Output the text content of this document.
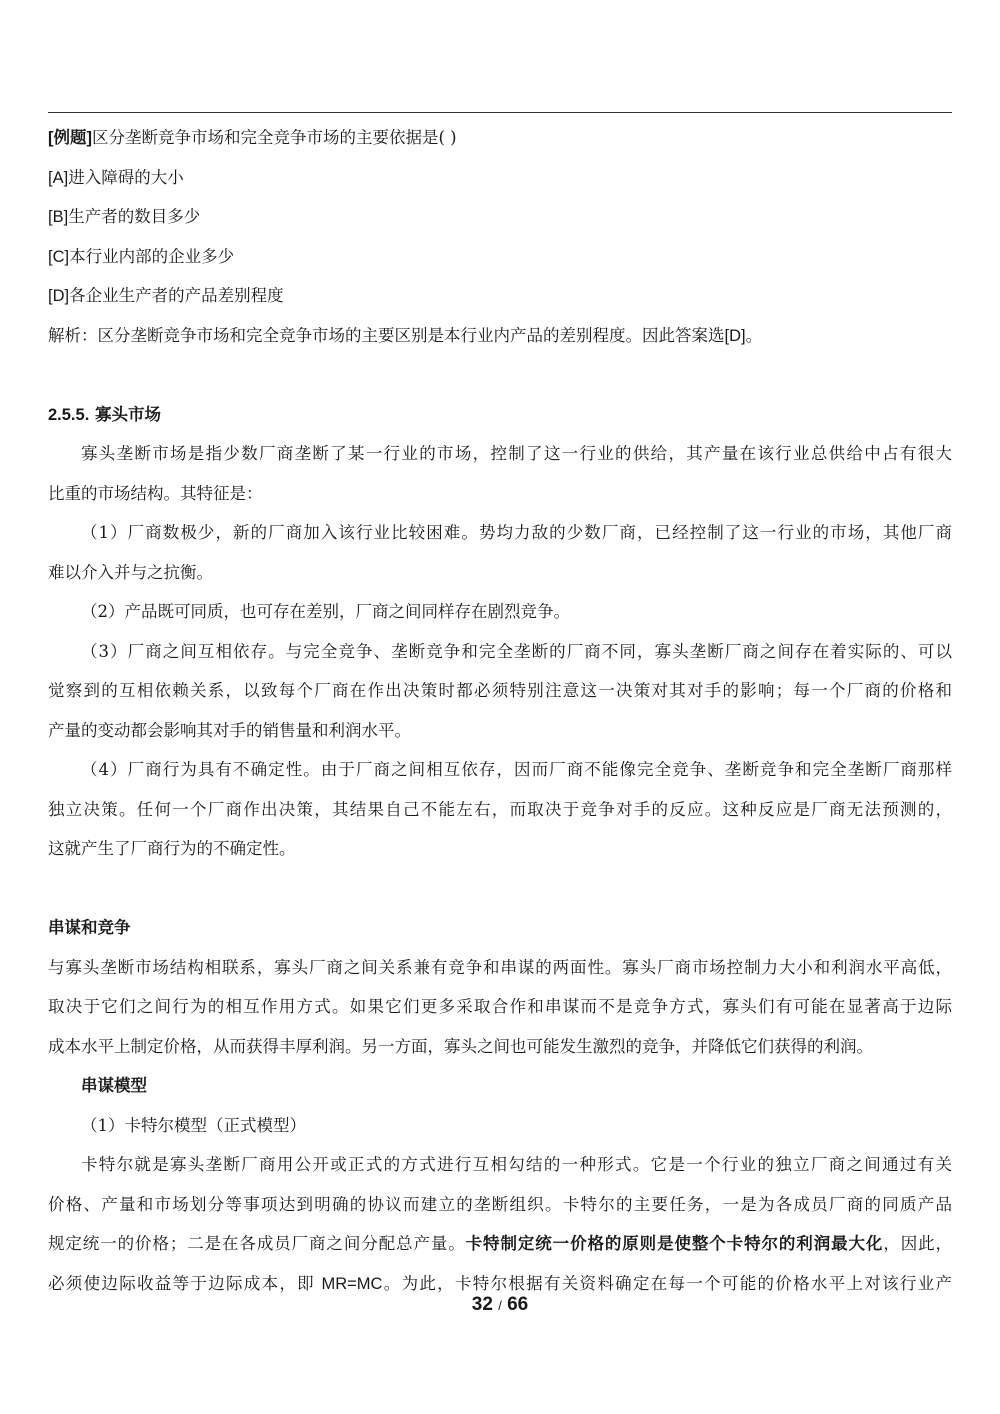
[例题]区分垄断竞争市场和完全竞争市场的主要依据是( )
[A]进入障碍的大小
[B]生产者的数目多少
[C]本行业内部的企业多少
[D]各企业生产者的产品差别程度
解析：区分垄断竞争市场和完全竞争市场的主要区别是本行业内产品的差别程度。因此答案选[D]。
2.5.5. 寡头市场
寡头垄断市场是指少数厂商垄断了某一行业的市场，控制了这一行业的供给，其产量在该行业总供给中占有很大
比重的市场结构。其特征是：
（1）厂商数极少，新的厂商加入该行业比较困难。势均力敌的少数厂商，已经控制了这一行业的市场，其他厂商
难以介入并与之抗衡。
（2）产品既可同质，也可存在差别，厂商之间同样存在剧烈竞争。
（3）厂商之间互相依存。与完全竞争、垄断竞争和完全垄断的厂商不同，寡头垄断厂商之间存在着实际的、可以
觉察到的互相依赖关系，以致每个厂商在作出决策时都必须特别注意这一决策对其对手的影响；每一个厂商的价格和
产量的变动都会影响其对手的销售量和利润水平。
（4）厂商行为具有不确定性。由于厂商之间相互依存，因而厂商不能像完全竞争、垄断竞争和完全垄断厂商那样
独立决策。任何一个厂商作出决策，其结果自己不能左右，而取决于竞争对手的反应。这种反应是厂商无法预测的，
这就产生了厂商行为的不确定性。
串谋和竞争
与寡头垄断市场结构相联系，寡头厂商之间关系兼有竞争和串谋的两面性。寡头厂商市场控制力大小和利润水平高低，
取决于它们之间行为的相互作用方式。如果它们更多采取合作和串谋而不是竞争方式，寡头们有可能在显著高于边际
成本水平上制定价格，从而获得丰厚利润。另一方面，寡头之间也可能发生激烈的竞争，并降低它们获得的利润。
串谋模型
（1）卡特尔模型（正式模型）
卡特尔就是寡头垄断厂商用公开或正式的方式进行互相勾结的一种形式。它是一个行业的独立厂商之间通过有关
价格、产量和市场划分等事项达到明确的协议而建立的垄断组织。卡特尔的主要任务，一是为各成员厂商的同质产品
规定统一的价格；二是在各成员厂商之间分配总产量。卡特制定统一价格的原则是使整个卡特尔的利润最大化，因此，
必须使边际收益等于边际成本，即 MR=MC。为此，卡特尔根据有关资料确定在每一个可能的价格水平上对该行业产
32 / 66
